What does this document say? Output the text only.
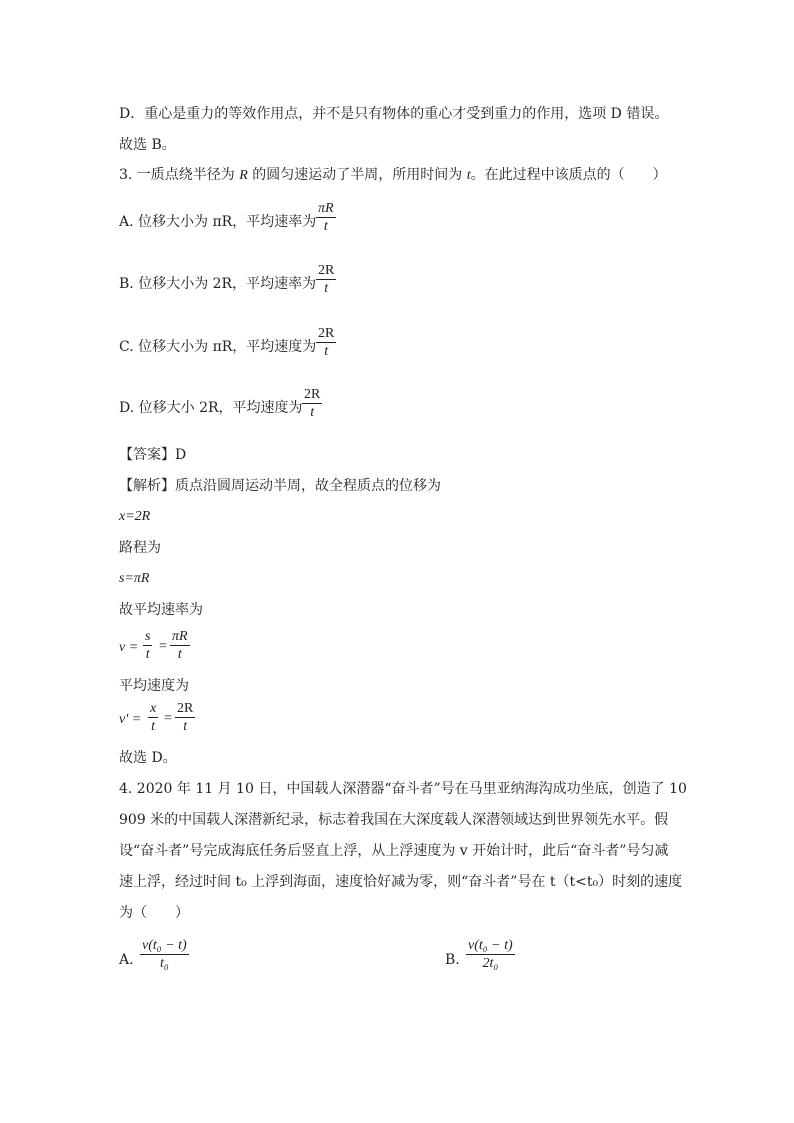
D．重心是重力的等效作用点，并不是只有物体的重心才受到重力的作用，选项 D 错误。
故选 B。
3. 一质点绕半径为 R 的圆匀速运动了半周，所用时间为 t。在此过程中该质点的（　　）
A. 位移大小为 πR，平均速率为
πR
t
B. 位移大小为 2R，平均速率为
2R
t
C. 位移大小为 πR，平均速度为
2R
t
D. 位移大小 2R，平均速度为
2R
t
【答案】D
【解析】质点沿圆周运动半周，故全程质点的位移为
x=2R
路程为
s=πR
故平均速率为
v =
s
t
=
πR
t
平均速度为
v' =
x
t
=
2R
t
故选 D。
4. 2020 年 11 月 10 日，中国载人深潜器“奋斗者”号在马里亚纳海沟成功坐底，创造了 10
909 米的中国载人深潜新纪录，标志着我国在大深度载人深潜领域达到世界领先水平。假
设“奋斗者”号完成海底任务后竖直上浮，从上浮速度为 v 开始计时，此后“奋斗者”号匀减
速上浮，经过时间 t₀ 上浮到海面，速度恰好减为零，则“奋斗者”号在 t（t<t₀）时刻的速度
为（　　）
A.
v(t₀ − t)
t₀	B.
v(t₀ − t)
2t₀
